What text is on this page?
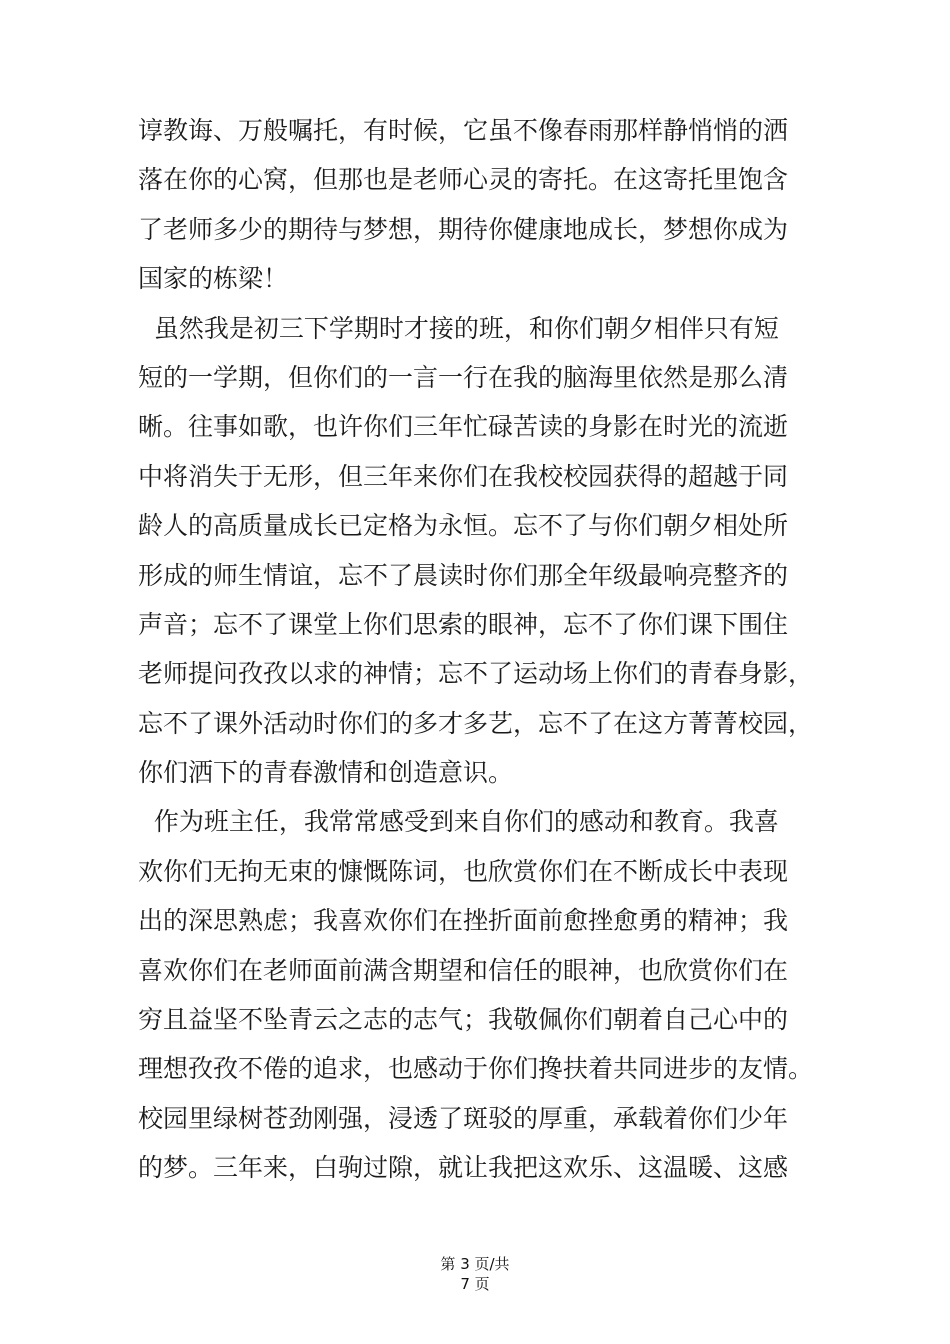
谆教诲、万般嘱托，有时候，它虽不像春雨那样静悄悄的洒
落在你的心窝，但那也是老师心灵的寄托。在这寄托里饱含
了老师多少的期待与梦想，期待你健康地成长，梦想你成为
国家的栋梁！
虽然我是初三下学期时才接的班，和你们朝夕相伴只有短
短的一学期，但你们的一言一行在我的脑海里依然是那么清
晰。往事如歌，也许你们三年忙碌苦读的身影在时光的流逝
中将消失于无形，但三年来你们在我校校园获得的超越于同
龄人的高质量成长已定格为永恒。忘不了与你们朝夕相处所
形成的师生情谊，忘不了晨读时你们那全年级最响亮整齐的
声音；忘不了课堂上你们思索的眼神，忘不了你们课下围住
老师提问孜孜以求的神情；忘不了运动场上你们的青春身影，
忘不了课外活动时你们的多才多艺，忘不了在这方菁菁校园，
你们洒下的青春激情和创造意识。
作为班主任，我常常感受到来自你们的感动和教育。我喜
欢你们无拘无束的慷慨陈词，也欣赏你们在不断成长中表现
出的深思熟虑；我喜欢你们在挫折面前愈挫愈勇的精神；我
喜欢你们在老师面前满含期望和信任的眼神，也欣赏你们在
穷且益坚不坠青云之志的志气；我敬佩你们朝着自己心中的
理想孜孜不倦的追求，也感动于你们搀扶着共同进步的友情。
校园里绿树苍劲刚强，浸透了斑驳的厚重，承载着你们少年
的梦。三年来，白驹过隙，就让我把这欢乐、这温暖、这感
第 3 页/共
7 页
